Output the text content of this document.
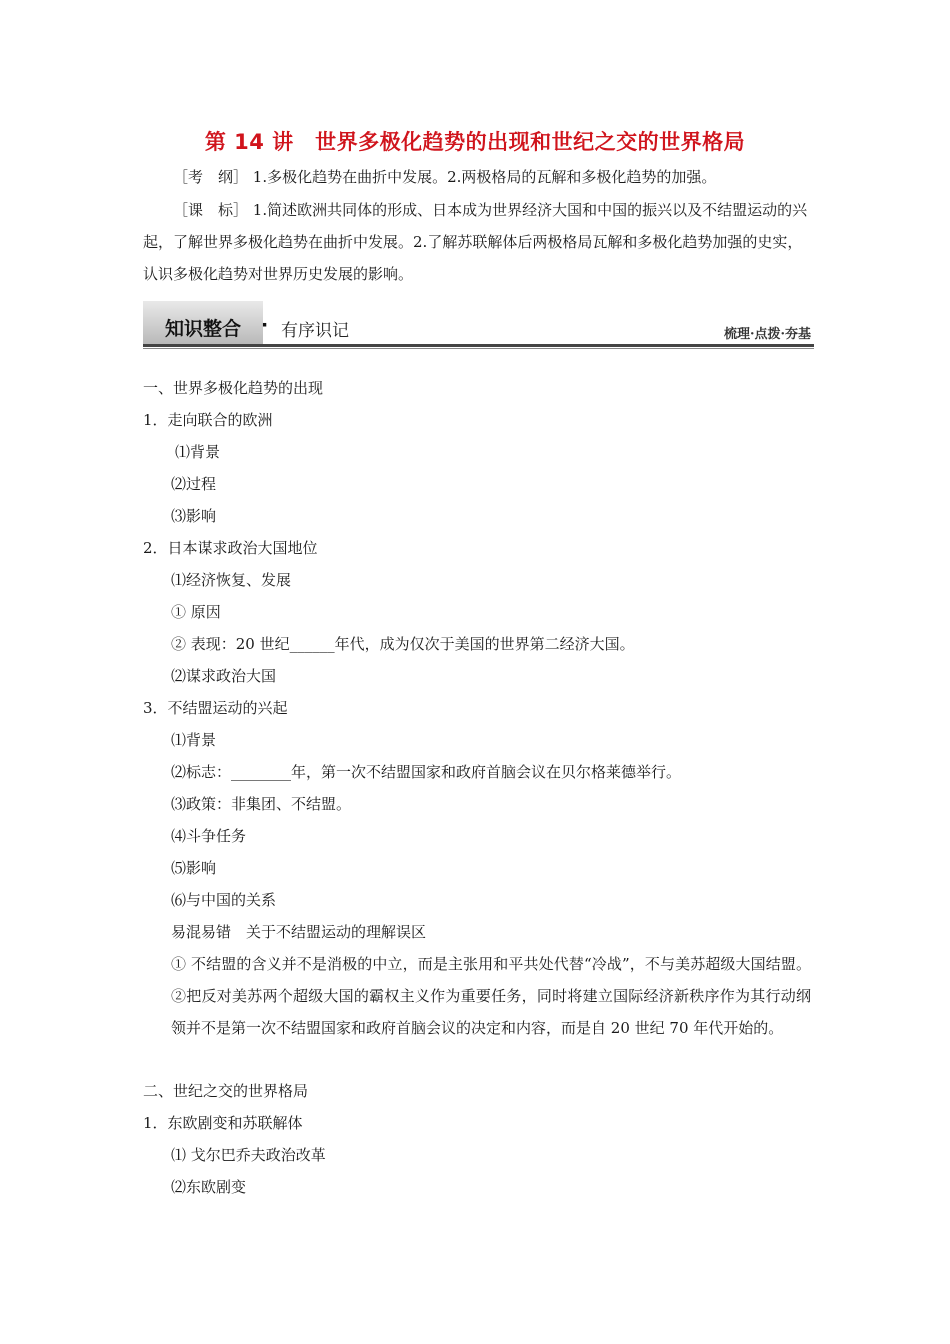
第 14 讲　世界多极化趋势的出现和世纪之交的世界格局
［考　纲］ 1.多极化趋势在曲折中发展。2.两极格局的瓦解和多极化趋势的加强。
［课　标］ 1.简述欧洲共同体的形成、日本成为世界经济大国和中国的振兴以及不结盟运动的兴起，了解世界多极化趋势在曲折中发展。2.了解苏联解体后两极格局瓦解和多极化趋势加强的史实，认识多极化趋势对世界历史发展的影响。
知识整合 · 有序识记	梳理·点拨·夯基
一、世界多极化趋势的出现
1．走向联合的欧洲
⑴背景
⑵过程
⑶影响
2．日本谋求政治大国地位
⑴经济恢复、发展
① 原因
② 表现：20 世纪______年代，成为仅次于美国的世界第二经济大国。
⑵谋求政治大国
3．不结盟运动的兴起
⑴背景
⑵标志：________年，第一次不结盟国家和政府首脑会议在贝尔格莱德举行。
⑶政策：非集团、不结盟。
⑷斗争任务
⑸影响
⑹与中国的关系
易混易错　关于不结盟运动的理解误区
① 不结盟的含义并不是消极的中立，而是主张用和平共处代替“冷战”，不与美苏超级大国结盟。②把反对美苏两个超级大国的霸权主义作为重要任务，同时将建立国际经济新秩序作为其行动纲领并不是第一次不结盟国家和政府首脑会议的决定和内容，而是自 20 世纪 70 年代开始的。
二、世纪之交的世界格局
1．东欧剧变和苏联解体
⑴ 戈尔巴乔夫政治改革
⑵东欧剧变
